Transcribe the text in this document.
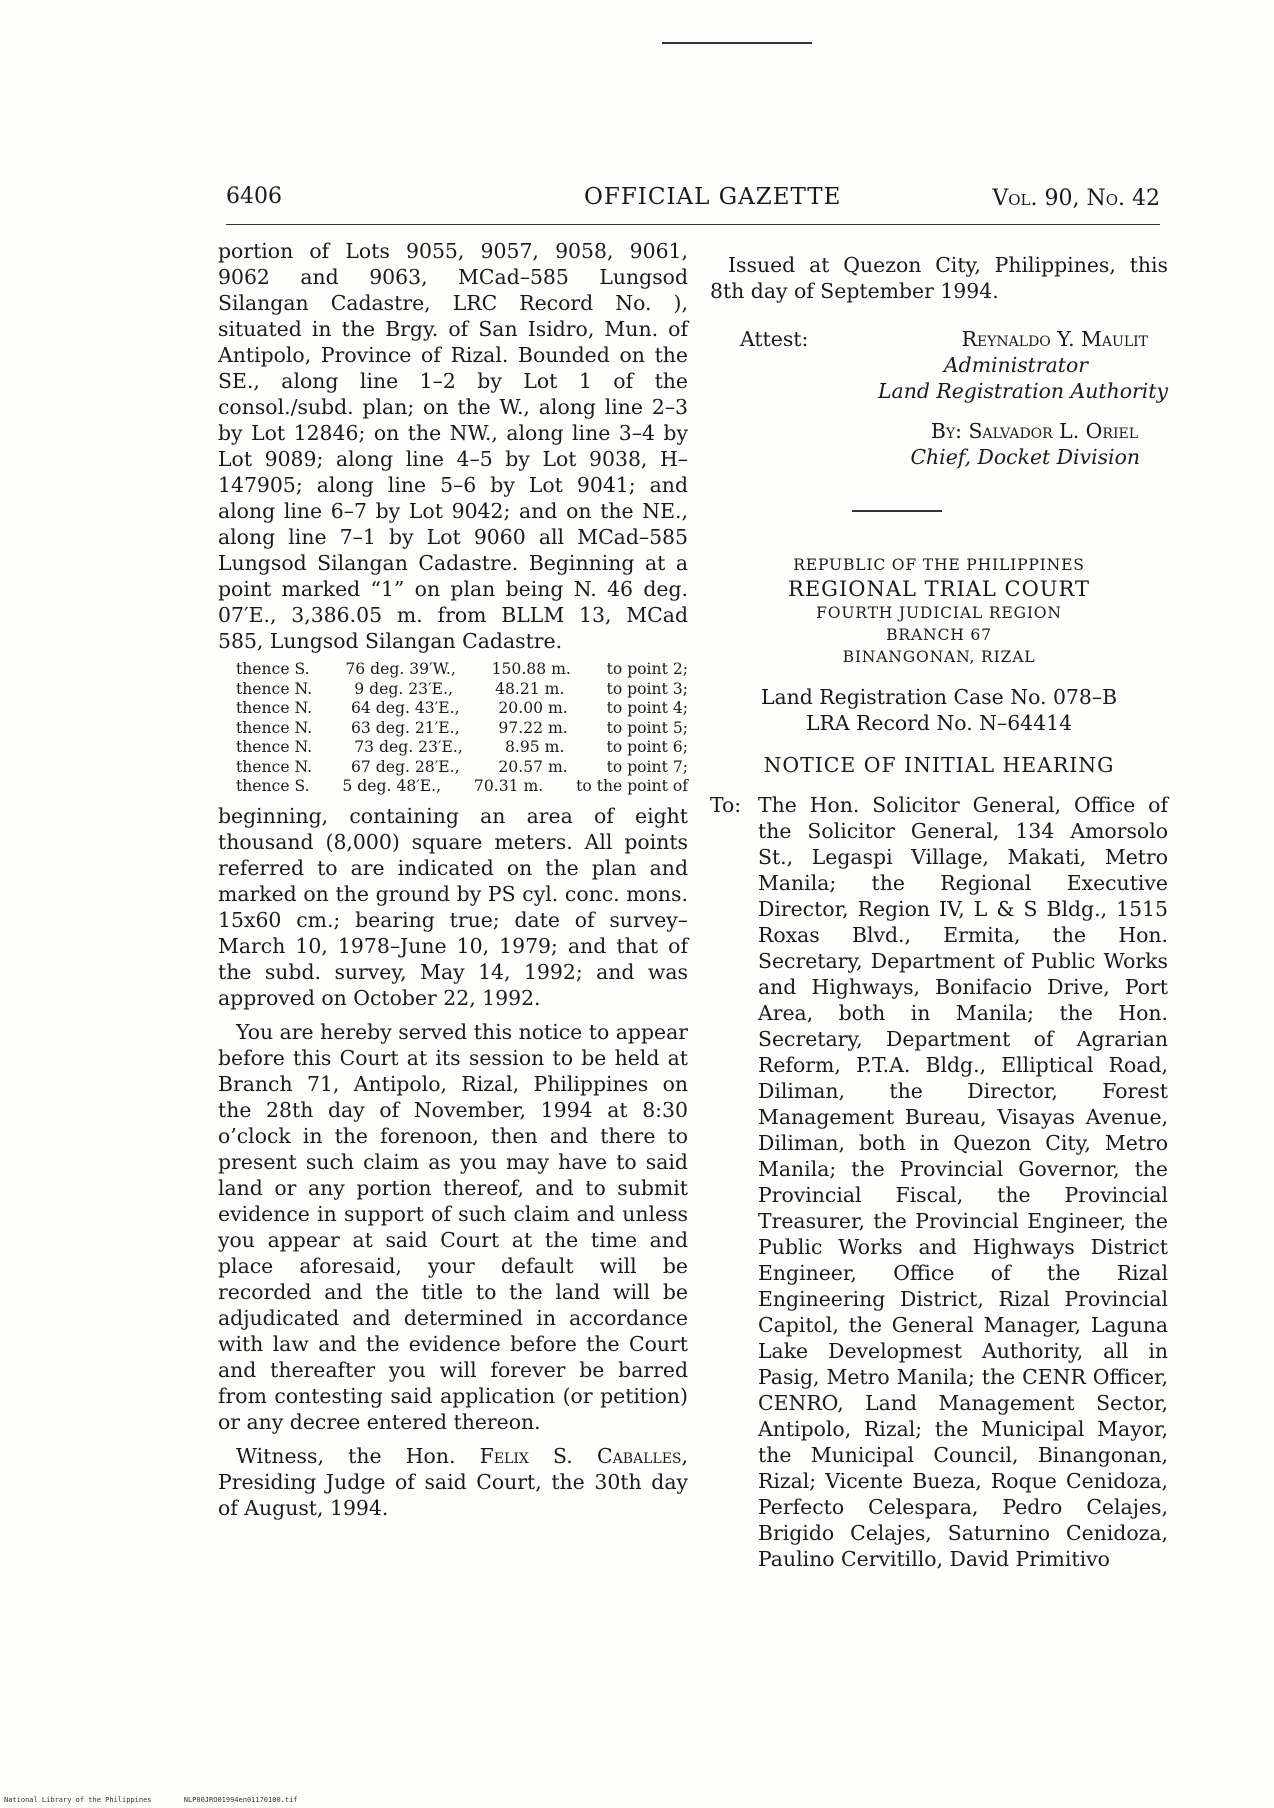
6406	OFFICIAL GAZETTE	Vol. 90, No. 42

portion of Lots 9055, 9057, 9058, 9061, 9062 and 9063, MCad–585 Lungsod Silangan Cadastre, LRC Record No. ), situated in the Brgy. of San Isidro, Mun. of Antipolo, Province of Rizal. Bounded on the SE., along line 1–2 by Lot 1 of the consol./subd. plan; on the W., along line 2–3 by Lot 12846; on the NW., along line 3–4 by Lot 9089; along line 4–5 by Lot 9038, H–147905; along line 5–6 by Lot 9041; and along line 6–7 by Lot 9042; and on the NE., along line 7–1 by Lot 9060 all MCad–585 Lungsod Silangan Cadastre. Beginning at a point marked “1” on plan being N. 46 deg. 07′E., 3,386.05 m. from BLLM 13, MCad 585, Lungsod Silangan Cadastre.

thence S. 76 deg. 39′W., 150.88 m. to point 2;
thence N.	9 deg. 23′E.,	48.21 m.	to point 3;
thence N. 64 deg. 43′E., 20.00 m. to point 4;
thence N. 63 deg. 21′E., 97.22 m. to point 5;
thence N.	73 deg. 23′E.,	8.95 m.	to point 6;
thence N. 67 deg. 28′E., 20.57 m. to point 7;
thence S. 5 deg. 48′E., 70.31 m. to the point of

beginning, containing an area of eight thousand (8,000) square meters. All points referred to are indicated on the plan and marked on the ground by PS cyl. conc. mons. 15x60 cm.; bearing true; date of survey–March 10, 1978–June 10, 1979; and that of the subd. survey, May 14, 1992; and was approved on October 22, 1992.

You are hereby served this notice to appear before this Court at its session to be held at Branch 71, Antipolo, Rizal, Philippines on the 28th day of November, 1994 at 8:30 o’clock in the forenoon, then and there to present such claim as you may have to said land or any portion thereof, and to submit evidence in support of such claim and unless you appear at said Court at the time and place aforesaid, your default will be recorded and the title to the land will be adjudicated and determined in accordance with law and the evidence before the Court and thereafter you will forever be barred from contesting said application (or petition) or any decree entered thereon.

Witness, the Hon. Felix S. Caballes, Presiding Judge of said Court, the 30th day of August, 1994.

Issued at Quezon City, Philippines, this 8th day of September 1994.

Attest:	Reynaldo Y. Maulit
Administrator
Land Registration Authority
By: Salvador L. Oriel
Chief, Docket Division

REPUBLIC OF THE PHILIPPINES

REGIONAL TRIAL COURT

FOURTH JUDICIAL REGION

BRANCH 67

BINANGONAN, RIZAL

Land Registration Case No. 078–B

LRA Record No. N–64414

NOTICE OF INITIAL HEARING

To: The Hon. Solicitor General, Office of the Solicitor General, 134 Amorsolo St., Legaspi Village, Makati, Metro Manila; the Regional Executive Director, Region IV, L & S Bldg., 1515 Roxas Blvd., Ermita, the Hon. Secretary, Department of Public Works and Highways, Bonifacio Drive, Port Area, both in Manila; the Hon. Secretary, Department of Agrarian Reform, P.T.A. Bldg., Elliptical Road, Diliman, the Director, Forest Management Bureau, Visayas Avenue, Diliman, both in Quezon City, Metro Manila; the Provincial Governor, the Provincial Fiscal, the Provincial Treasurer, the Provincial Engineer, the Public Works and Highways District Engineer, Office of the Rizal Engineering District, Rizal Provincial Capitol, the General Manager, Laguna Lake Developmest Authority, all in Pasig, Metro Manila; the CENR Officer, CENRO, Land Management Sector, Antipolo, Rizal; the Municipal Mayor, the Municipal Council, Binangonan, Rizal; Vicente Bueza, Roque Cenidoza, Perfecto Celespara, Pedro Celajes, Brigido Celajes, Saturnino Cenidoza, Paulino Cervitillo, David Primitivo

National Library of the Philippines	NLP00JRO01994en01170100.tif
